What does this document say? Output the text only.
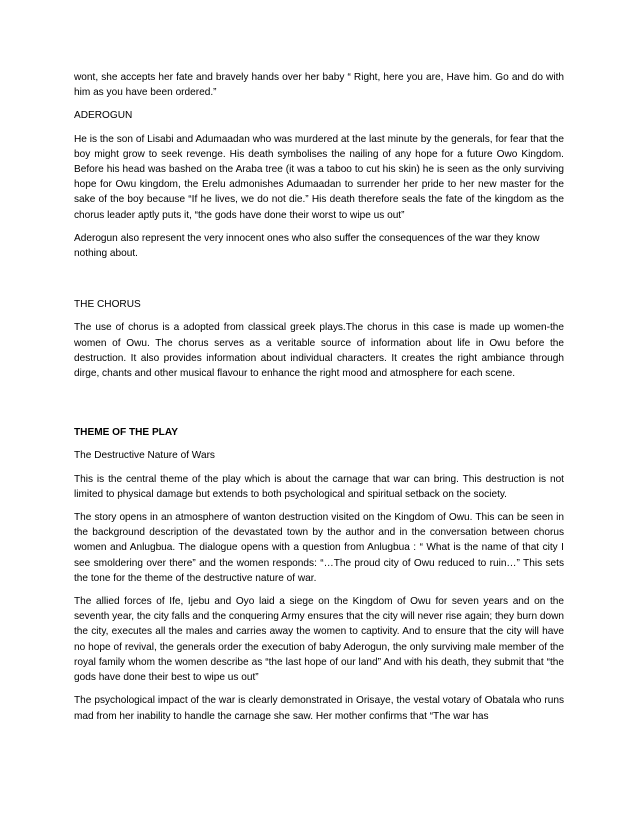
wont, she accepts her fate and bravely hands over her baby “ Right, here you are, Have him. Go and do with him as you have been ordered.”

ADEROGUN

He is the son of Lisabi and Adumaadan who was murdered at the last minute by the generals, for fear that the boy might grow to seek revenge. His death symbolises the nailing of any hope for a future Owo Kingdom. Before his head was bashed on the Araba tree (it was a taboo to cut his skin) he is seen as the only surviving hope for Owu kingdom, the Erelu admonishes Adumaadan to surrender her pride to her new master for the sake of the boy because “If he lives, we do not die.” His death therefore seals the fate of the kingdom as the chorus leader aptly puts it, “the gods have done their worst to wipe us out”

Aderogun also represent the very innocent ones who also suffer the consequences of the war they know nothing about.

THE CHORUS

The use of chorus is a adopted from classical greek plays.The chorus in this case is made up women-the women of Owu. The chorus serves as a veritable source of information about life in Owu before the destruction. It also provides information about individual characters. It creates the right ambiance through dirge, chants and other musical flavour to enhance the right mood and atmosphere for each scene.

THEME OF THE PLAY

The Destructive Nature of Wars

This is the central theme of the play which is about the carnage that war can bring. This destruction is not limited to physical damage but extends to both psychological and spiritual setback on the society.

The story opens in an atmosphere of wanton destruction visited on the Kingdom of Owu. This can be seen in the background description of the devastated town by the author and in the conversation between chorus women and Anlugbua. The dialogue opens with a question from Anlugbua : “ What is the name of that city I see smoldering over there” and the women responds: “…The proud city of Owu reduced to ruin…” This sets the tone for the theme of the destructive nature of war.

The allied forces of Ife, Ijebu and Oyo laid a siege on the Kingdom of Owu for seven years and on the seventh year, the city falls and the conquering Army ensures that the city will never rise again; they burn down the city, executes all the males and carries away the women to captivity. And to ensure that the city will have no hope of revival, the generals order the execution of baby Aderogun, the only surviving male member of the royal family whom the women describe as “the last hope of our land” And with his death, they submit that “the gods have done their best to wipe us out”

The psychological impact of the war is clearly demonstrated in Orisaye, the vestal votary of Obatala who runs mad from her inability to handle the carnage she saw. Her mother confirms that “The war has
